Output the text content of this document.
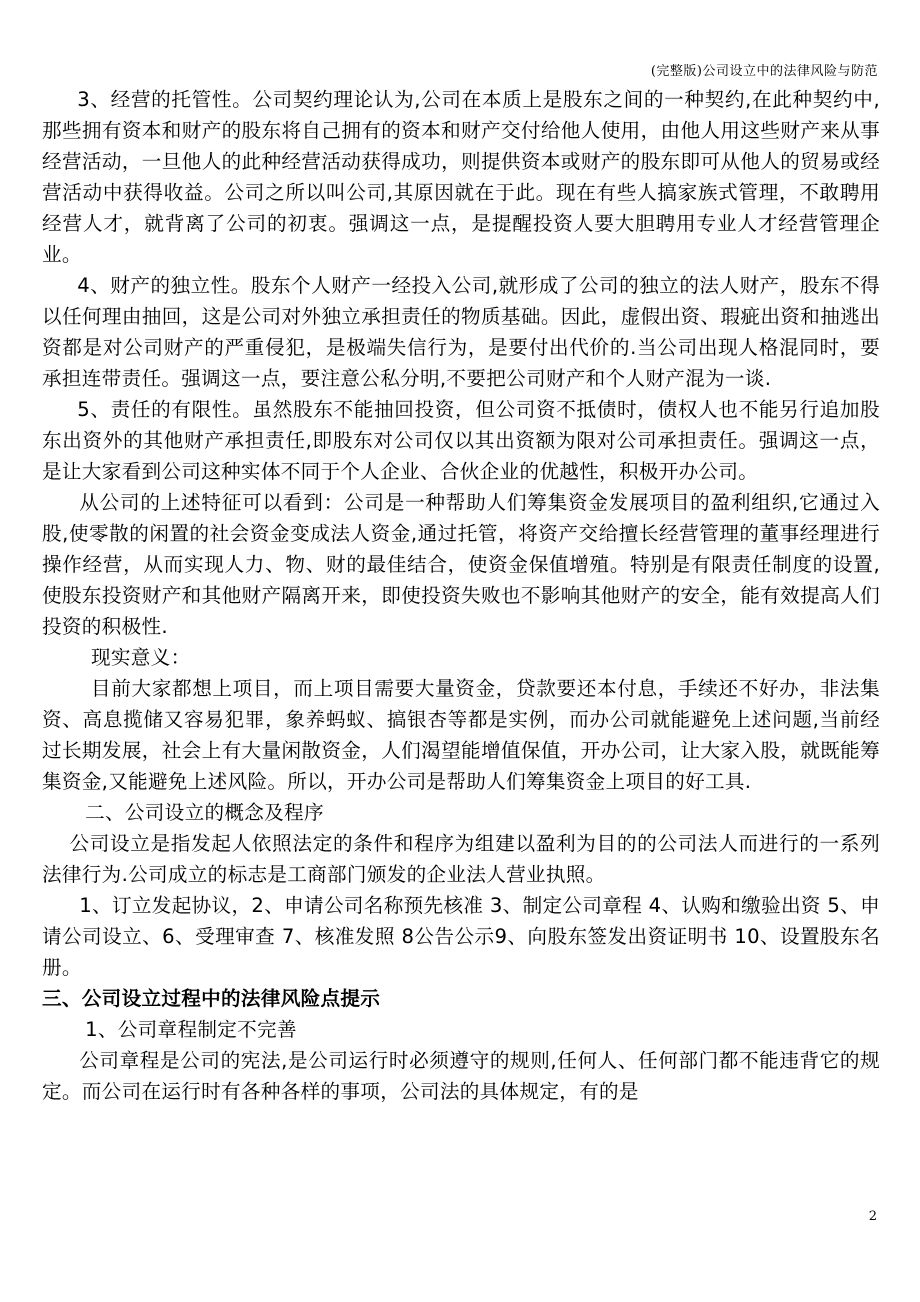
(完整版)公司设立中的法律风险与防范

3、经营的托管性。公司契约理论认为,公司在本质上是股东之间的一种契约,在此种契约中,那些拥有资本和财产的股东将自己拥有的资本和财产交付给他人使用，由他人用这些财产来从事经营活动，一旦他人的此种经营活动获得成功，则提供资本或财产的股东即可从他人的贸易或经营活动中获得收益。公司之所以叫公司,其原因就在于此。现在有些人搞家族式管理，不敢聘用经营人才，就背离了公司的初衷。强调这一点，是提醒投资人要大胆聘用专业人才经营管理企业。

4、财产的独立性。股东个人财产一经投入公司,就形成了公司的独立的法人财产，股东不得以任何理由抽回，这是公司对外独立承担责任的物质基础。因此，虚假出资、瑕疵出资和抽逃出资都是对公司财产的严重侵犯，是极端失信行为，是要付出代价的.当公司出现人格混同时，要承担连带责任。强调这一点，要注意公私分明,不要把公司财产和个人财产混为一谈.

5、责任的有限性。虽然股东不能抽回投资，但公司资不抵债时，债权人也不能另行追加股东出资外的其他财产承担责任,即股东对公司仅以其出资额为限对公司承担责任。强调这一点，是让大家看到公司这种实体不同于个人企业、合伙企业的优越性，积极开办公司。

从公司的上述特征可以看到：公司是一种帮助人们筹集资金发展项目的盈利组织,它通过入股,使零散的闲置的社会资金变成法人资金,通过托管，将资产交给擅长经营管理的董事经理进行操作经营，从而实现人力、物、财的最佳结合，使资金保值增殖。特别是有限责任制度的设置,使股东投资财产和其他财产隔离开来，即使投资失败也不影响其他财产的安全，能有效提高人们投资的积极性.

现实意义：

目前大家都想上项目，而上项目需要大量资金，贷款要还本付息，手续还不好办，非法集资、高息揽储又容易犯罪，象养蚂蚁、搞银杏等都是实例，而办公司就能避免上述问题,当前经过长期发展，社会上有大量闲散资金，人们渴望能增值保值，开办公司，让大家入股，就既能筹集资金,又能避免上述风险。所以，开办公司是帮助人们筹集资金上项目的好工具.

二、公司设立的概念及程序

公司设立是指发起人依照法定的条件和程序为组建以盈利为目的的公司法人而进行的一系列法律行为.公司成立的标志是工商部门颁发的企业法人营业执照。

1、订立发起协议，2、申请公司名称预先核准 3、制定公司章程 4、认购和缴验出资 5、申请公司设立、6、受理审查 7、核准发照 8公告公示9、向股东签发出资证明书 10、设置股东名册。

三、公司设立过程中的法律风险点提示

1、公司章程制定不完善

公司章程是公司的宪法,是公司运行时必须遵守的规则,任何人、任何部门都不能违背它的规定。而公司在运行时有各种各样的事项，公司法的具体规定，有的是

2
